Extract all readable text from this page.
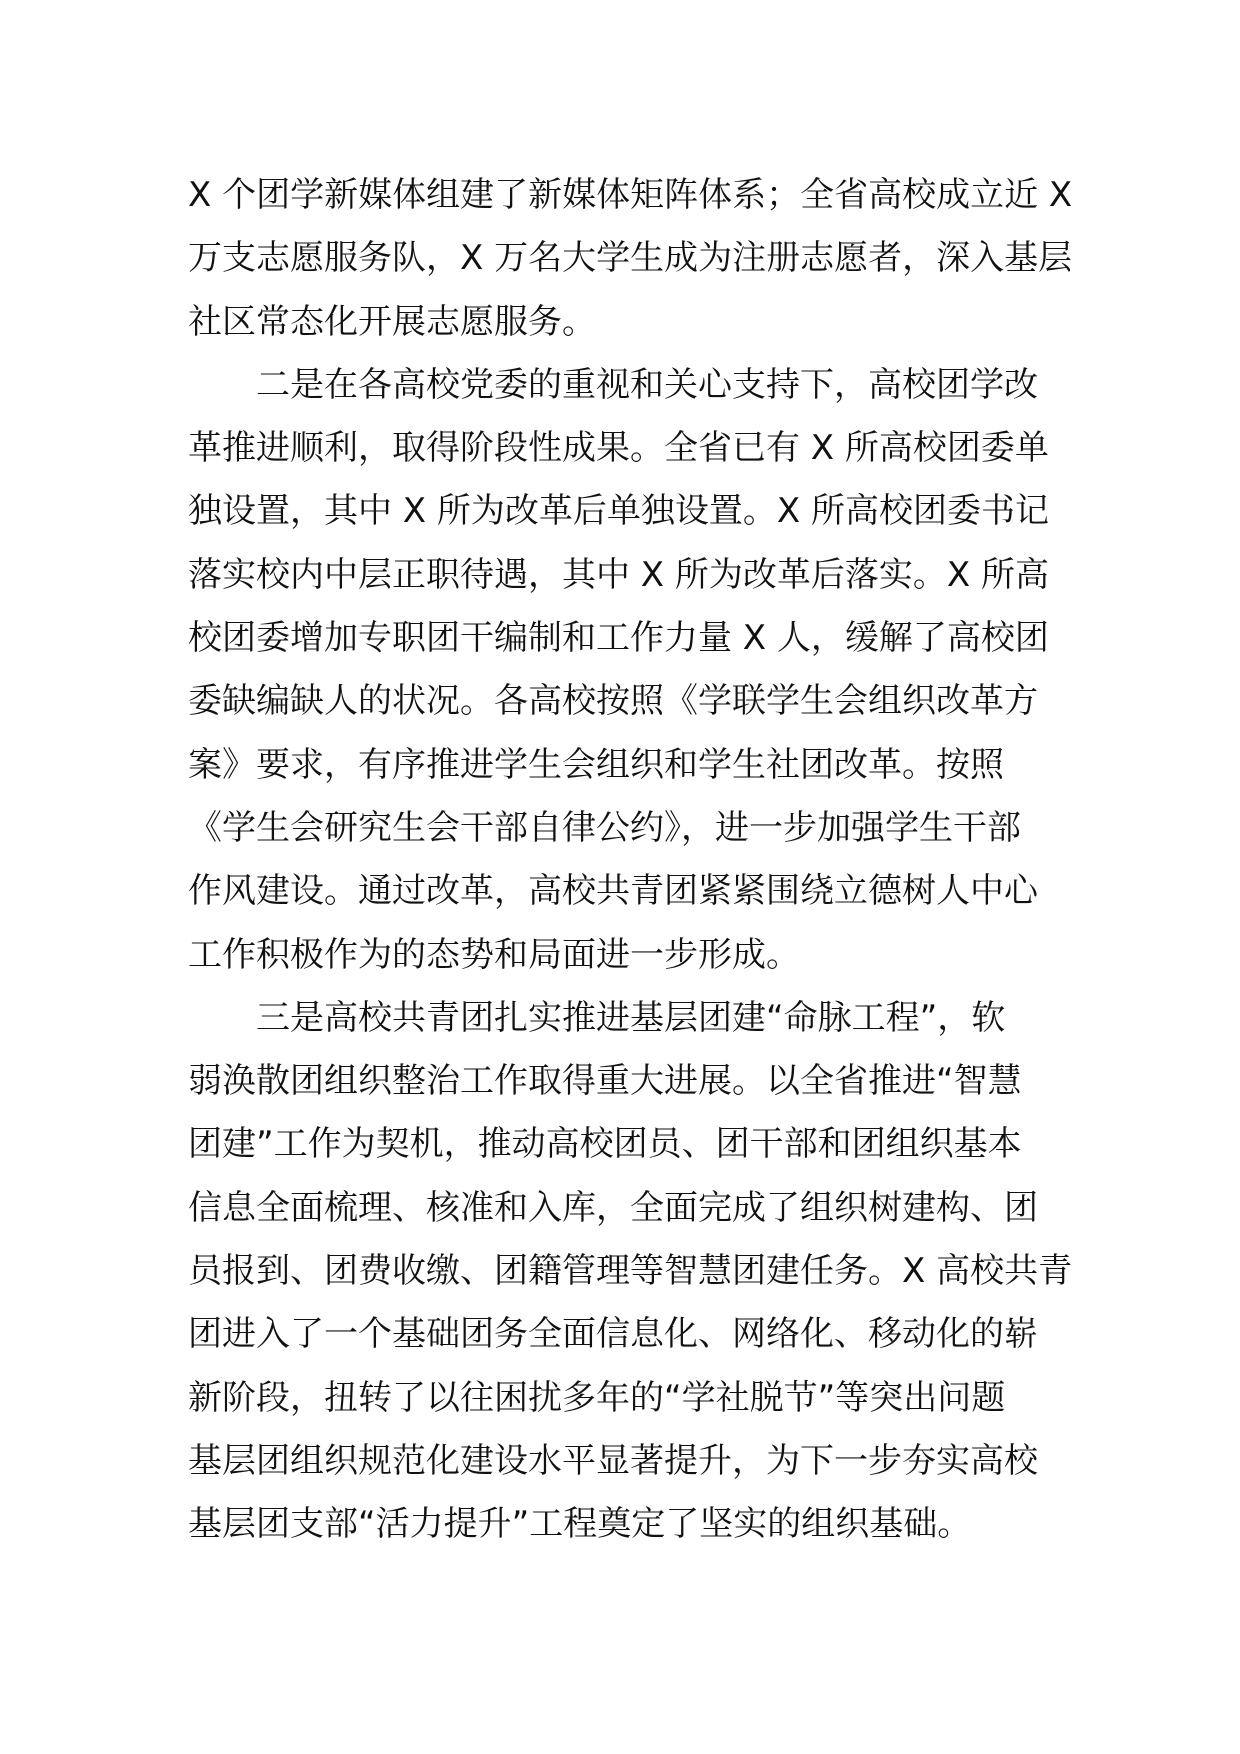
X 个团学新媒体组建了新媒体矩阵体系；全省高校成立近 X
万支志愿服务队，X 万名大学生成为注册志愿者，深入基层
社区常态化开展志愿服务。
二是在各高校党委的重视和关心支持下，高校团学改
革推进顺利，取得阶段性成果。全省已有 X 所高校团委单
独设置，其中 X 所为改革后单独设置。X 所高校团委书记
落实校内中层正职待遇，其中 X 所为改革后落实。X 所高
校团委增加专职团干编制和工作力量 X 人，缓解了高校团
委缺编缺人的状况。各高校按照《学联学生会组织改革方
案》要求，有序推进学生会组织和学生社团改革。按照
《学生会研究生会干部自律公约》，进一步加强学生干部
作风建设。通过改革，高校共青团紧紧围绕立德树人中心
工作积极作为的态势和局面进一步形成。
三是高校共青团扎实推进基层团建“命脉工程”，软
弱涣散团组织整治工作取得重大进展。以全省推进“智慧
团建”工作为契机，推动高校团员、团干部和团组织基本
信息全面梳理、核准和入库，全面完成了组织树建构、团
员报到、团费收缴、团籍管理等智慧团建任务。X 高校共青
团进入了一个基础团务全面信息化、网络化、移动化的崭
新阶段，扭转了以往困扰多年的“学社脱节”等突出问题
基层团组织规范化建设水平显著提升，为下一步夯实高校
基层团支部“活力提升”工程奠定了坚实的组织基础。
